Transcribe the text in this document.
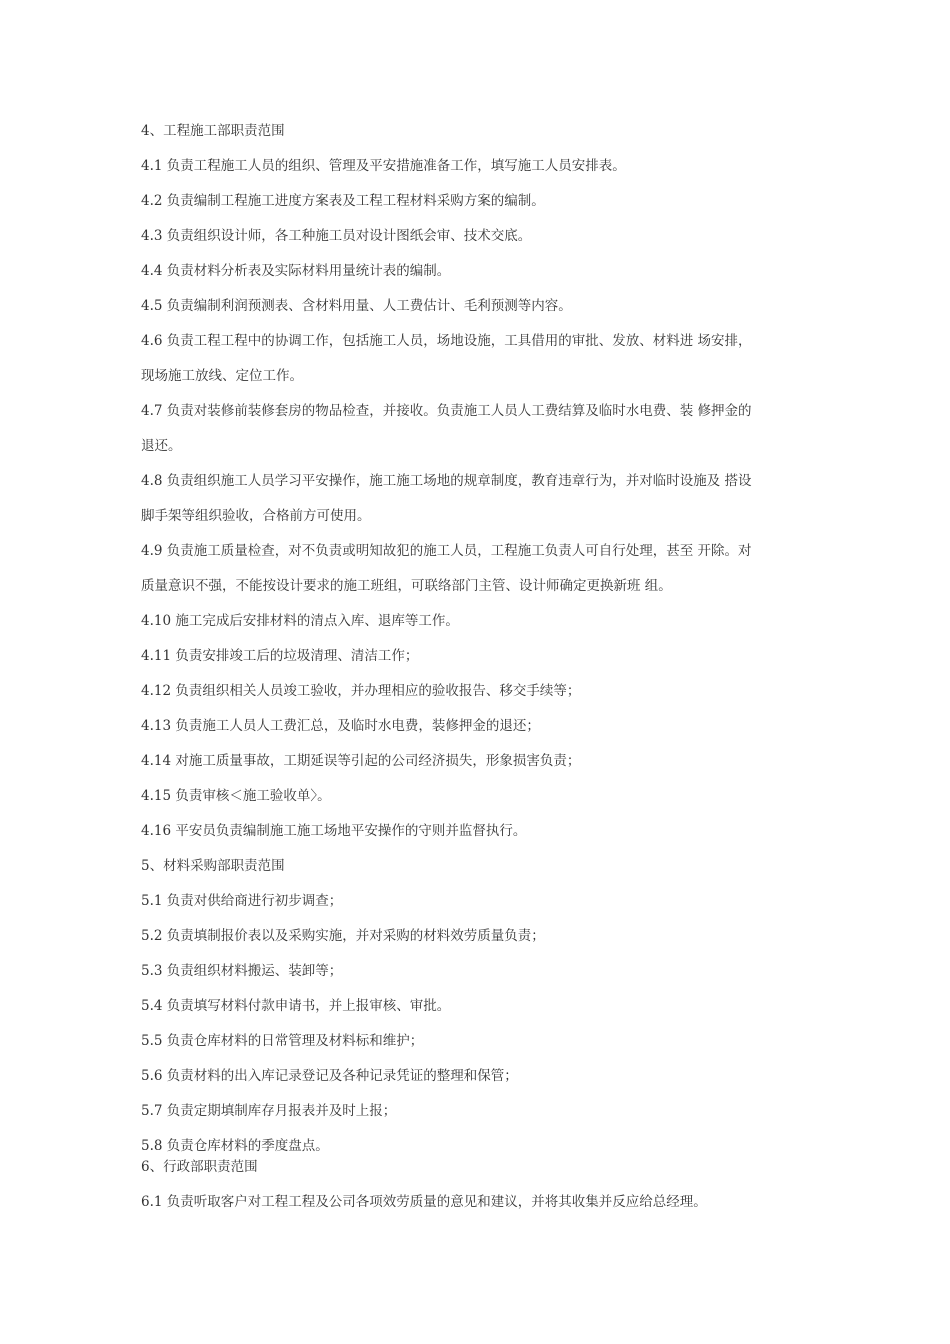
4、工程施工部职责范围

4.1 负责工程施工人员的组织、管理及平安措施准备工作，填写施工人员安排表。

4.2 负责编制工程施工进度方案表及工程工程材料采购方案的编制。

4.3 负责组织设计师，各工种施工员对设计图纸会审、技术交底。

4.4 负责材料分析表及实际材料用量统计表的编制。

4.5 负责编制利润预测表、含材料用量、人工费估计、毛利预测等内容。

4.6 负责工程工程中的协调工作，包括施工人员，场地设施，工具借用的审批、发放、材料进 场安排，

现场施工放线、定位工作。

4.7 负责对装修前装修套房的物品检查，并接收。负责施工人员人工费结算及临时水电费、装 修押金的

退还。

4.8 负责组织施工人员学习平安操作，施工施工场地的规章制度，教育违章行为，并对临时设施及 搭设

脚手架等组织验收，合格前方可使用。

4.9 负责施工质量检查，对不负责或明知故犯的施工人员，工程施工负责人可自行处理，甚至 开除。对

质量意识不强，不能按设计要求的施工班组，可联络部门主管、设计师确定更换新班 组。

4.10 施工完成后安排材料的清点入库、退库等工作。

4.11 负责安排竣工后的垃圾清理、清洁工作；

4.12 负责组织相关人员竣工验收，并办理相应的验收报告、移交手续等；

4.13 负责施工人员人工费汇总，及临时水电费，装修押金的退还；

4.14 对施工质量事故，工期延误等引起的公司经济损失，形象损害负责；

4.15 负责审核＜施工验收单〉。

4.16 平安员负责编制施工施工场地平安操作的守则并监督执行。

5、材料采购部职责范围

5.1 负责对供给商进行初步调查；

5.2 负责填制报价表以及采购实施，并对采购的材料效劳质量负责；

5.3 负责组织材料搬运、装卸等；

5.4 负责填写材料付款申请书，并上报审核、审批。

5.5 负责仓库材料的日常管理及材料标和维护；

5.6 负责材料的出入库记录登记及各种记录凭证的整理和保管；

5.7 负责定期填制库存月报表并及时上报；

5.8 负责仓库材料的季度盘点。

6、行政部职责范围

6.1 负责听取客户对工程工程及公司各项效劳质量的意见和建议，并将其收集并反应给总经理。
